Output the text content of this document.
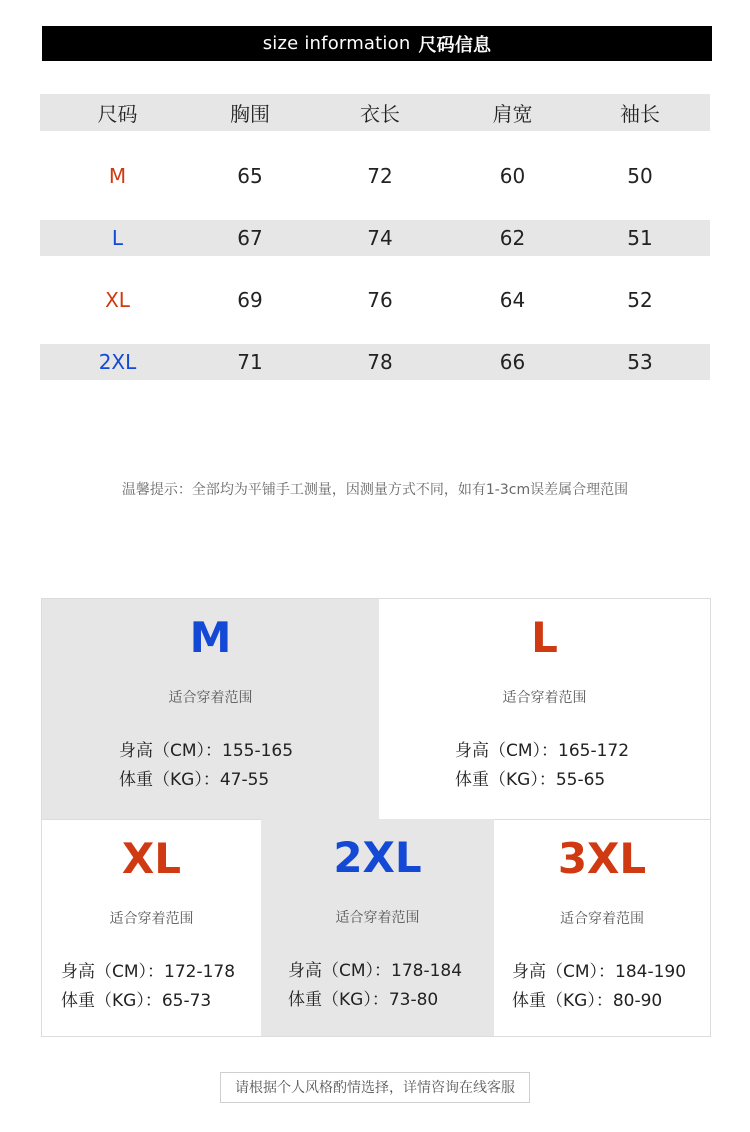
size information 尺码信息
尺码	胸围	衣长	肩宽	袖长
M	65	72	60	50
L	67	74	62	51
XL	69	76	64	52
2XL	71	78	66	53
温馨提示：全部均为平铺手工测量，因测量方式不同，如有1-3cm误差属合理范围
M
适合穿着范围
身高（CM）：155-165
体重（KG）：47-55
L
适合穿着范围
身高（CM）：165-172
体重（KG）：55-65
XL
适合穿着范围
身高（CM）：172-178
体重（KG）：65-73
2XL
适合穿着范围
身高（CM）：178-184
体重（KG）：73-80
3XL
适合穿着范围
身高（CM）：184-190
体重（KG）：80-90
请根据个人风格酌情选择，详情咨询在线客服
